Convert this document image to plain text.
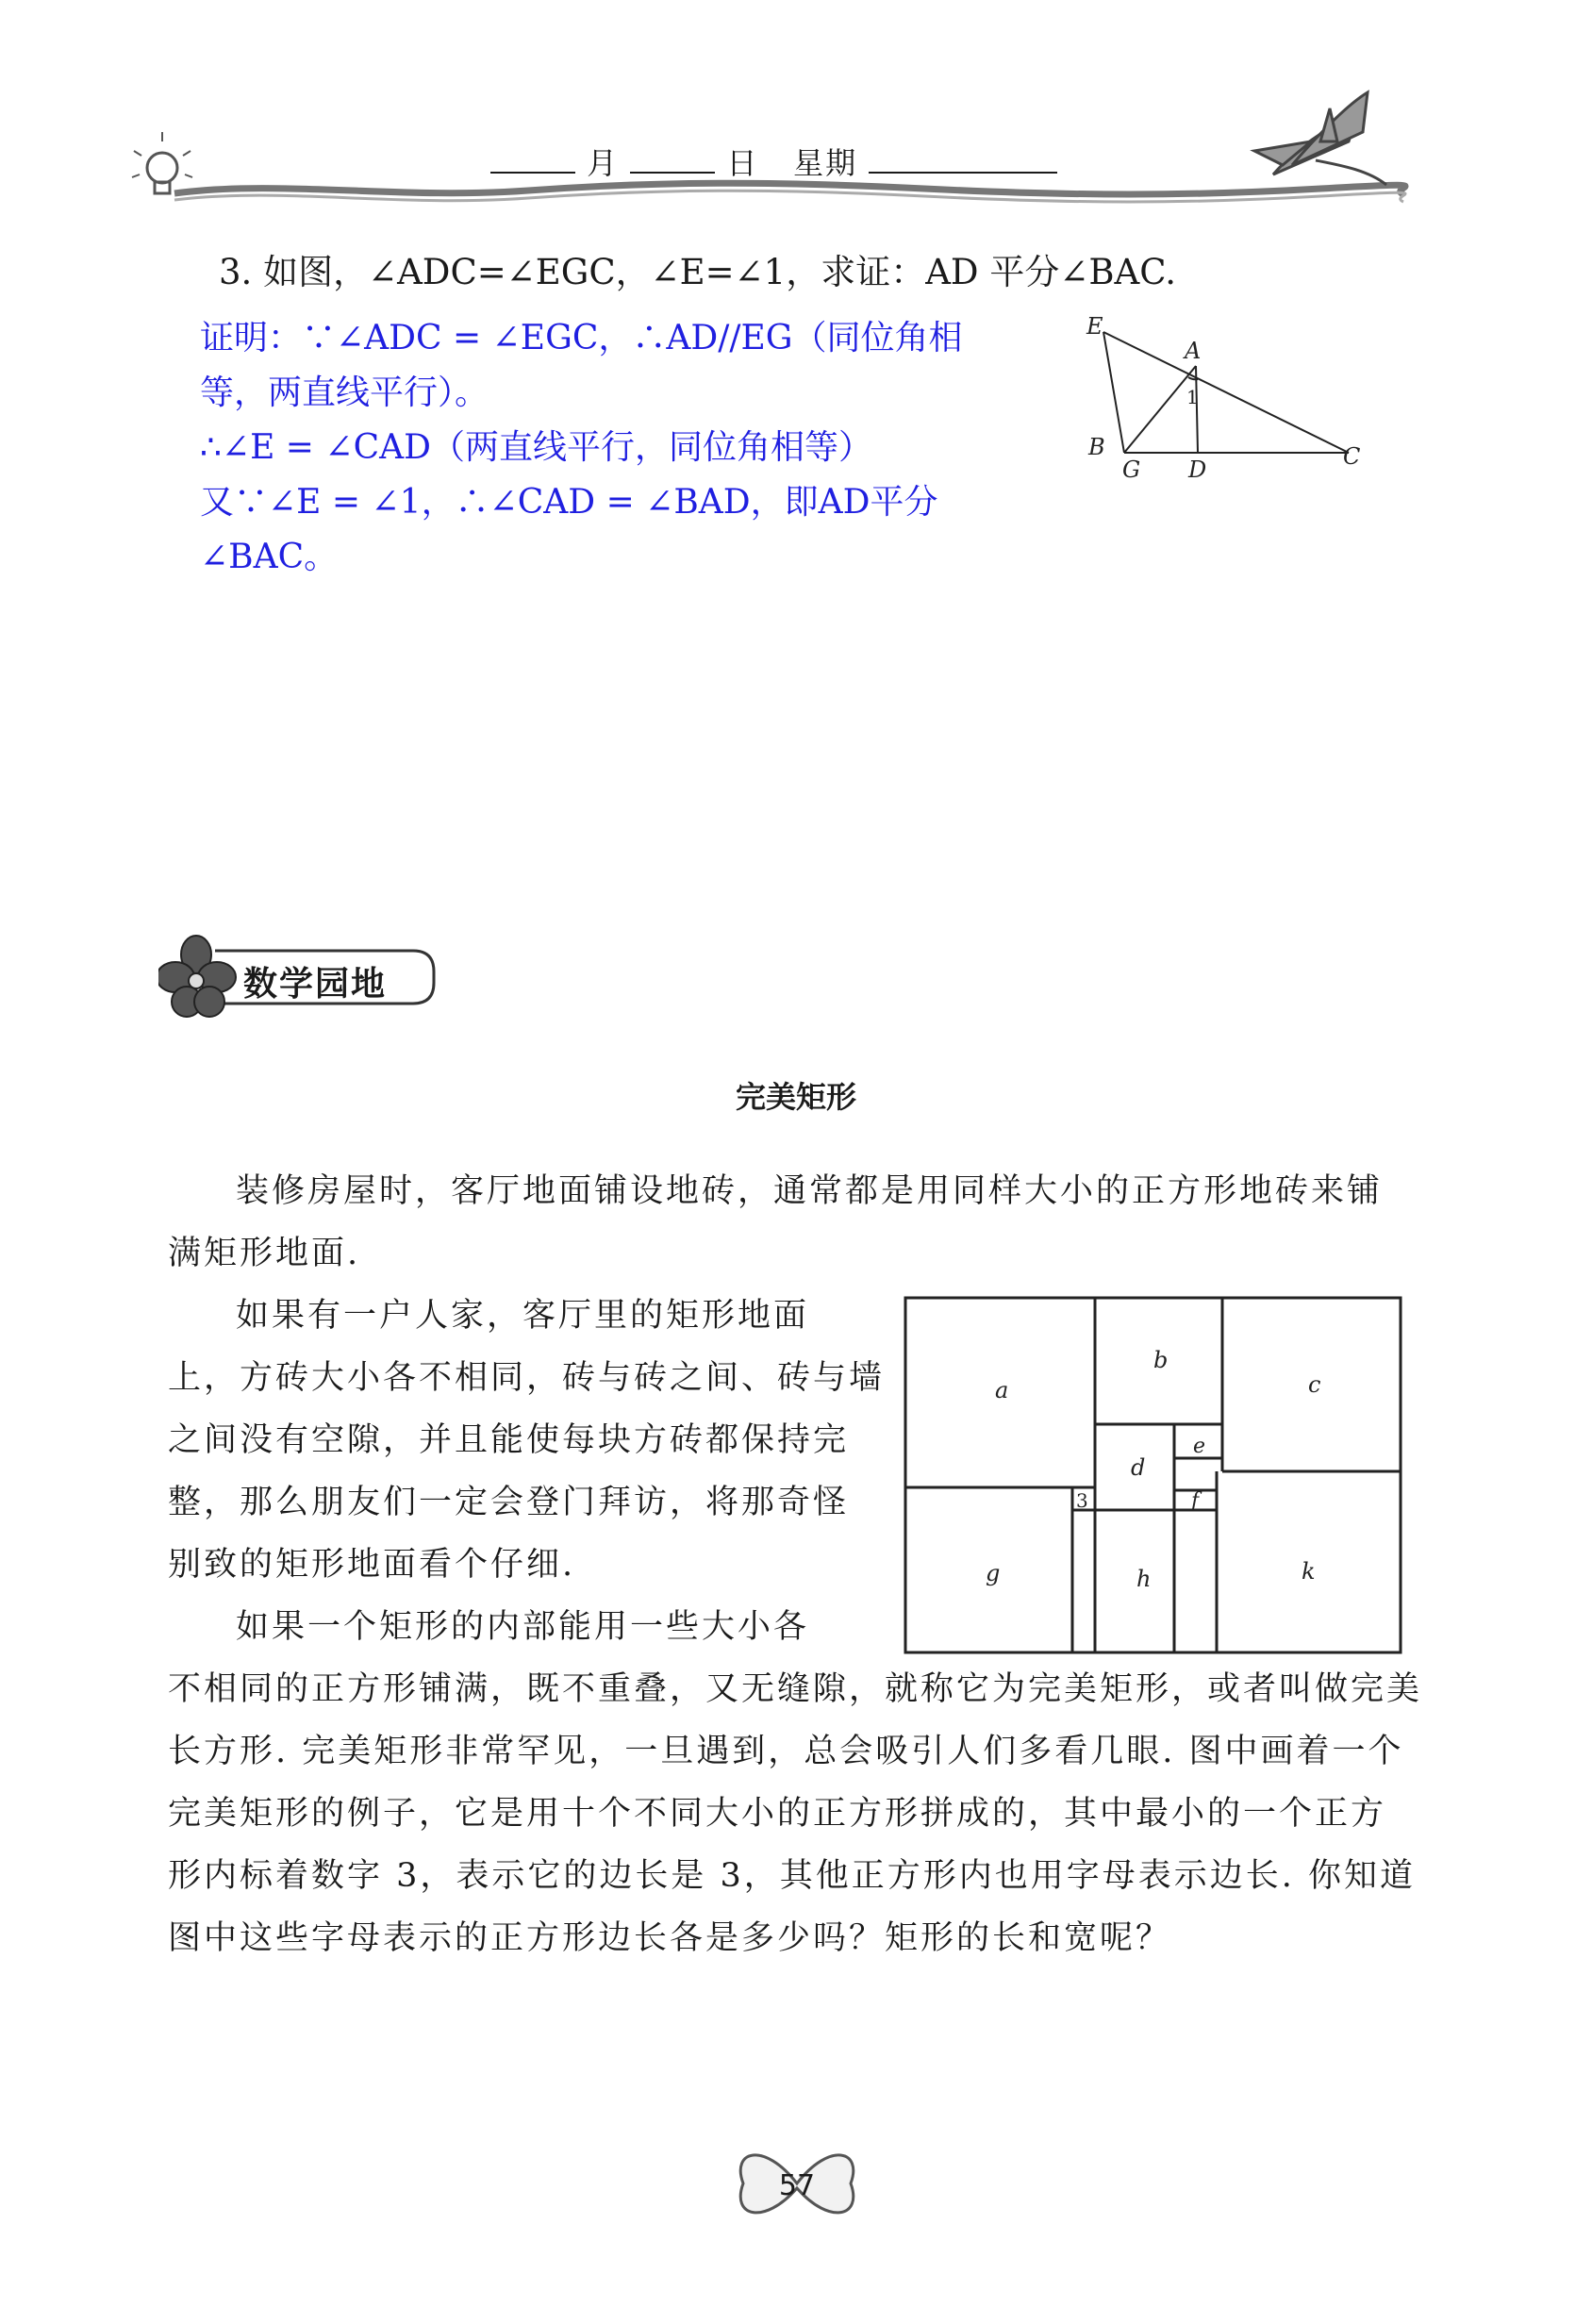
月	日 星期
3. 如图，∠ADC=∠EGC，∠E=∠1，求证：AD 平分∠BAC.

证明：∵∠ADC = ∠EGC，∴AD//EG（同位角相

等，两直线平行）。

∴∠E = ∠CAD（两直线平行，同位角相等）

又∵∠E = ∠1，∴∠CAD = ∠BAD，即AD平分

∠BAC。

E
A
1
B
G D	C
数学园地
完美矩形

装修房屋时，客厅地面铺设地砖，通常都是用同样大小的正方形地砖来铺

满矩形地面.

如果有一户人家，客厅里的矩形地面

上，方砖大小各不相同，砖与砖之间、砖与墙

之间没有空隙，并且能使每块方砖都保持完

整，那么朋友们一定会登门拜访，将那奇怪

别致的矩形地面看个仔细.

如果一个矩形的内部能用一些大小各

不相同的正方形铺满，既不重叠，又无缝隙，就称它为完美矩形，或者叫做完美

长方形. 完美矩形非常罕见，一旦遇到，总会吸引人们多看几眼. 图中画着一个

完美矩形的例子，它是用十个不同大小的正方形拼成的，其中最小的一个正方

形内标着数字 3，表示它的边长是 3，其他正方形内也用字母表示边长. 你知道

图中这些字母表示的正方形边长各是多少吗？矩形的长和宽呢？

a
b
c
d
e
f
3
g	h	k
57
